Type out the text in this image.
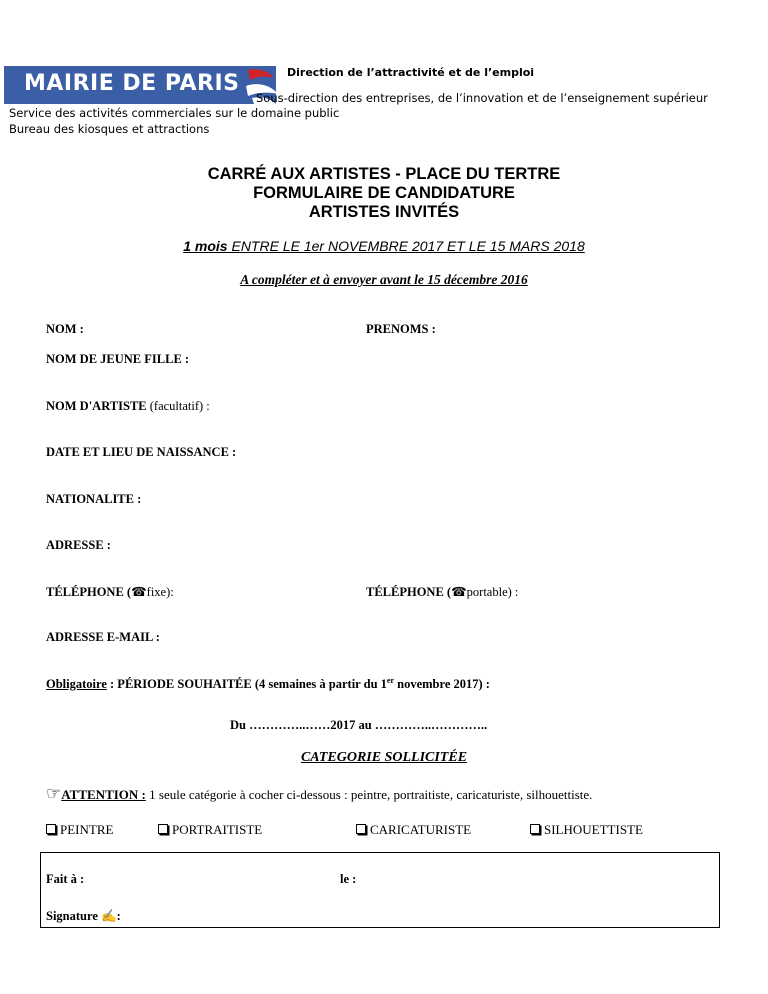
MAIRIE DE PARIS	Direction de l’attractivité et de l’emploi
Sous-direction des entreprises, de l’innovation et de l’enseignement supérieur
Service des activités commerciales sur le domaine public
Bureau des kiosques et attractions
CARRÉ AUX ARTISTES - PLACE DU TERTRE
FORMULAIRE DE CANDIDATURE
ARTISTES INVITÉS
1 mois ENTRE LE 1er NOVEMBRE 2017 ET LE 15 MARS 2018
A compléter et à envoyer avant le 15 décembre 2016
NOM :	PRENOMS :
NOM DE JEUNE FILLE :
NOM D'ARTISTE (facultatif) :
DATE ET LIEU DE NAISSANCE :
NATIONALITE :
ADRESSE :
TÉLÉPHONE (☎fixe):	TÉLÉPHONE (☎portable) :
ADRESSE E-MAIL :
Obligatoire : PÉRIODE SOUHAITÉE (4 semaines à partir du 1er novembre 2017) :
Du …………..……2017 au …………..…………..
CATEGORIE SOLLICITÉE
☞ATTENTION : 1 seule catégorie à cocher ci-dessous : peintre, portraitiste, caricaturiste, silhouettiste.
PEINTRE	PORTRAITISTE	CARICATURISTE	SILHOUETTISTE
Fait à :	le :
Signature ✍:
